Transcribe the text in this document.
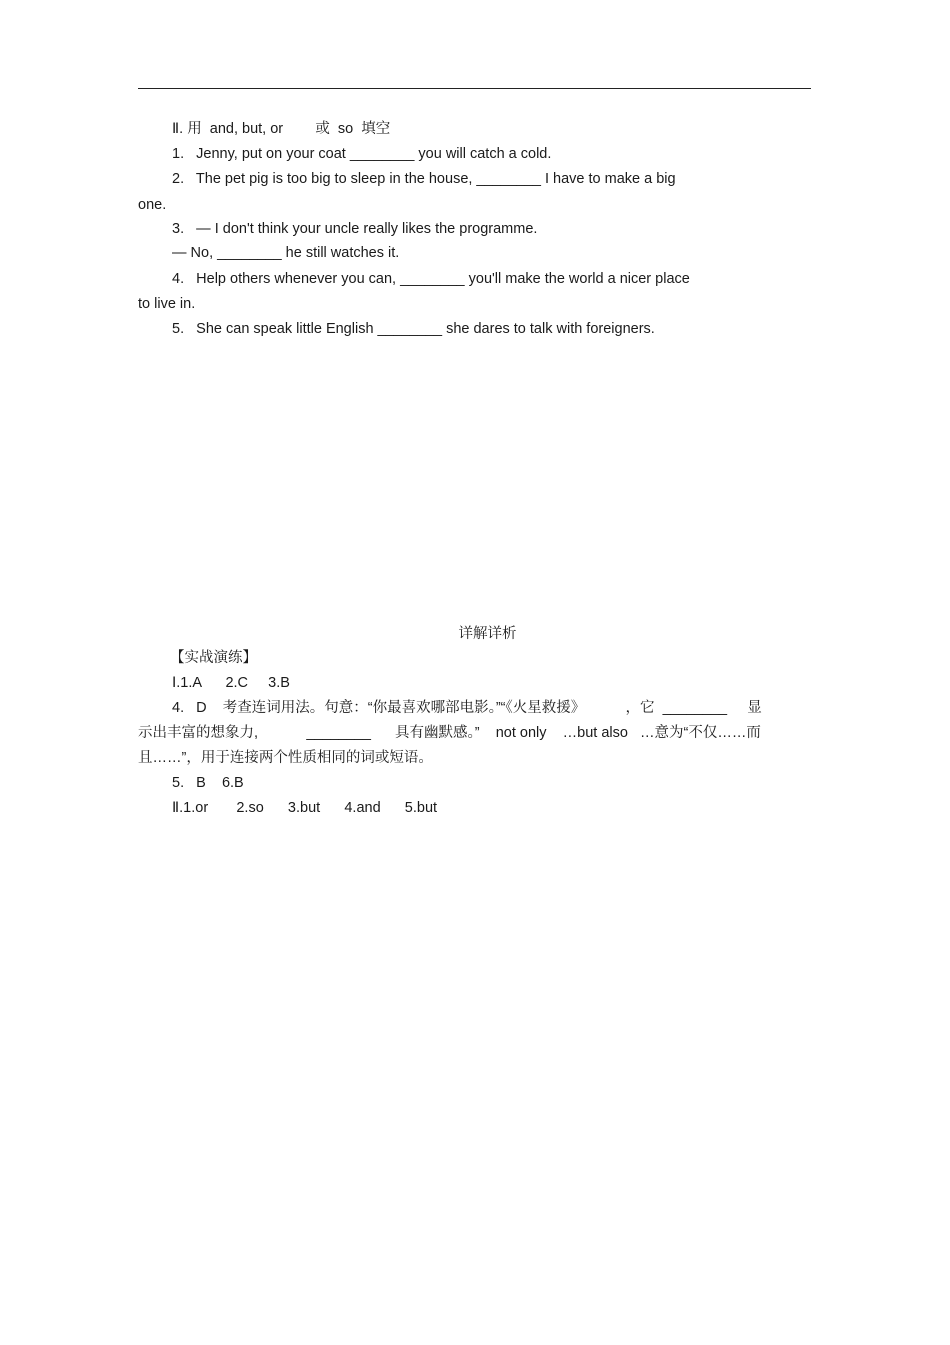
Ⅱ. 用  and, but, or        或  so  填空
1.   Jenny, put on your coat ________ you will catch a cold.
2.   The pet pig is too big to sleep in the house, ________ I have to make a big
one.
3.   — I don't think your uncle really likes the programme.
— No, ________ he still watches it.
4.   Help others whenever you can, ________ you'll make the world a nicer place
to live in.
5.   She can speak little English ________ she dares to talk with foreigners.
详解详析
【实战演练】
Ⅰ.1.A      2.C     3.B
4.   D    考查连词用法。句意：“你最喜欢哪部电影。”“《火星救援》          ，它  ________     显
示出丰富的想象力,            ________      具有幽默感。”    not only    …but also   …意为“不仅……而
且……”，用于连接两个性质相同的词或短语。
5.   B    6.B
Ⅱ.1.or       2.so      3.but      4.and      5.but
